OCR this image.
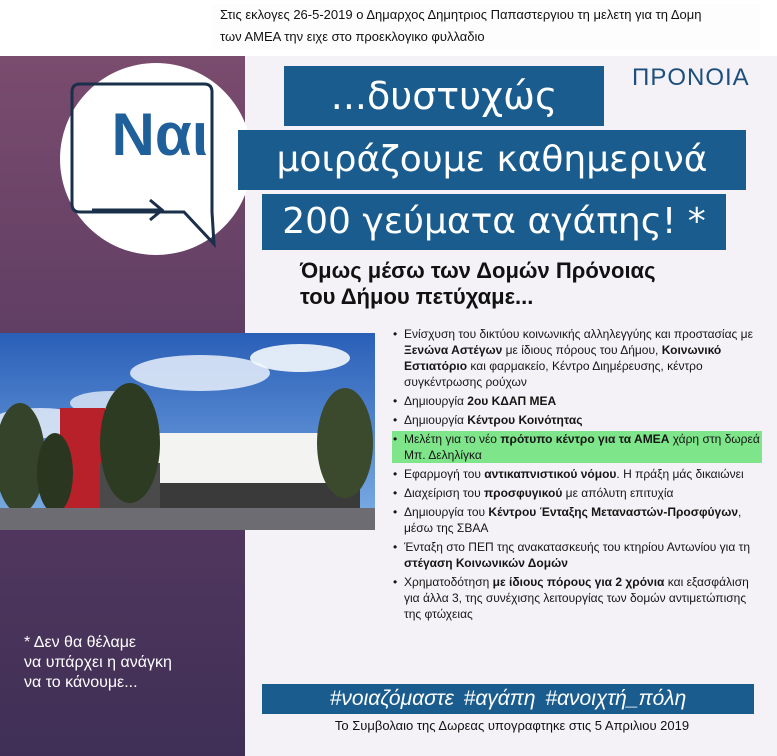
Στις εκλογες 26-5-2019 ο Δημαρχος Δημητριος Παπαστεργιου τη μελετη για τη Δομη
των ΑΜΕΑ την ειχε στο προεκλογικο φυλλαδιο
Ναι
ΠΡΟΝΟΙΑ
...δυστυχώς
μοιράζουμε καθημερινά
200 γεύματα αγάπης! *
Όμως μέσω των Δομών Πρόνοιας
του Δήμου πετύχαμε...
• Ενίσχυση του δικτύου κοινωνικής αλληλεγγύης και προστασίας με Ξενώνα Αστέγων με ίδιους πόρους του Δήμου, Κοινωνικό Εστιατόριο και φαρμακείο, Κέντρο Διημέρευσης, κέντρο συγκέντρωσης ρούχων
• Δημιουργία 2ου ΚΔΑΠ ΜΕΑ
• Δημιουργία Κέντρου Κοινότητας
• Μελέτη για το νέο πρότυπο κέντρο για τα ΑΜΕΑ χάρη στη δωρεά Μπ. Δεληλίγκα
• Εφαρμογή του αντικαπνιστικού νόμου. Η πράξη μάς δικαιώνει
• Διαχείριση του προσφυγικού με απόλυτη επιτυχία
• Δημιουργία του Κέντρου Ένταξης Μεταναστών-Προσφύγων, μέσω της ΣΒΑΑ
• Ένταξη στο ΠΕΠ της ανακατασκευής του κτηρίου Αντωνίου για τη στέγαση Κοινωνικών Δομών
• Χρηματοδότηση με ίδιους πόρους για 2 χρόνια και εξασφάλιση για άλλα 3, της συνέχισης λειτουργίας των δομών αντιμετώπισης της φτώχειας
* Δεν θα θέλαμε
να υπάρχει η ανάγκη
να το κάνουμε...
#νοιαζόμαστε #αγάπη #ανοιχτή_πόλη
Το Συμβολαιο της Δωρεας υπογραφτηκε στις 5 Απριλιου 2019
